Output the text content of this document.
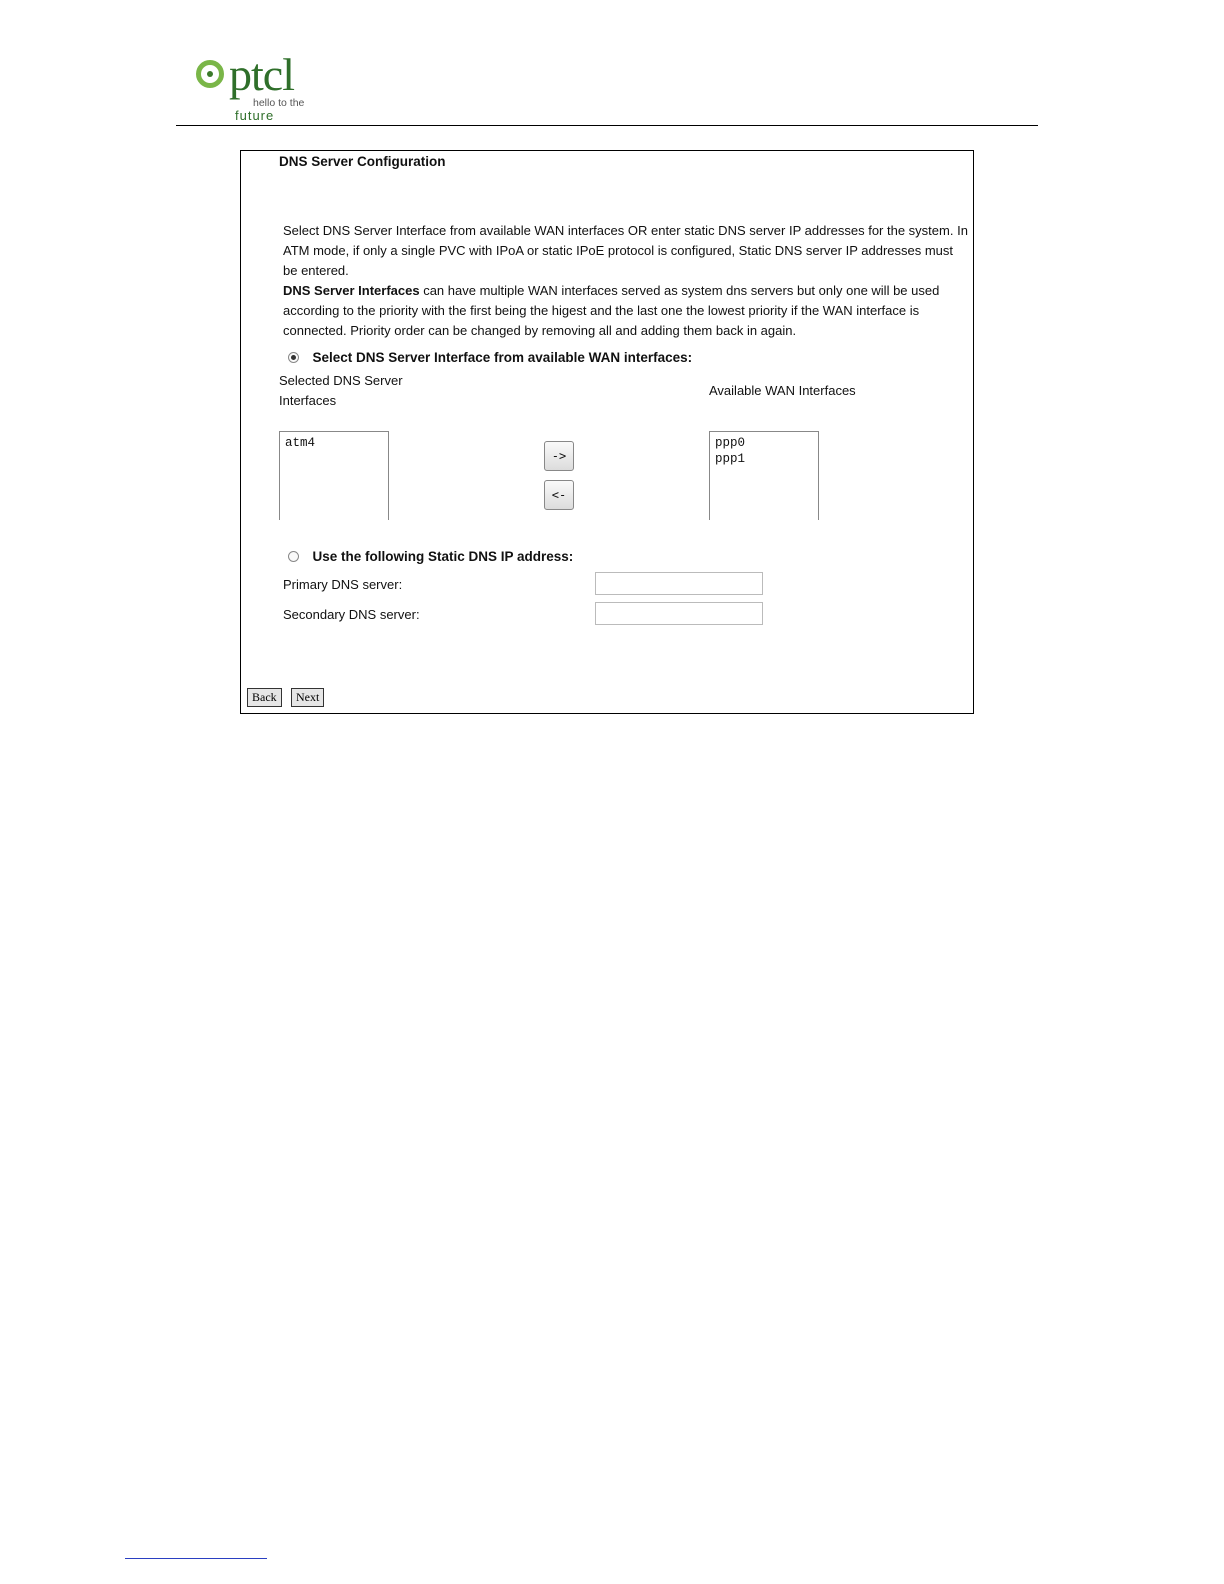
ptcl
hello to the
future
DNS Server Configuration
Select DNS Server Interface from available WAN interfaces OR enter static DNS server IP addresses for the system. In ATM mode, if only a single PVC with IPoA or static IPoE protocol is configured, Static DNS server IP addresses must be entered.
DNS Server Interfaces can have multiple WAN interfaces served as system dns servers but only one will be used according to the priority with the first being the higest and the last one the lowest priority if the WAN interface is connected. Priority order can be changed by removing all and adding them back in again.
Select DNS Server Interface from available WAN interfaces:
Selected DNS Server
Interfaces
Available WAN Interfaces
atm4
->
<-
ppp0
ppp1
Use the following Static DNS IP address:
Primary DNS server:
Secondary DNS server:
Back	Next
